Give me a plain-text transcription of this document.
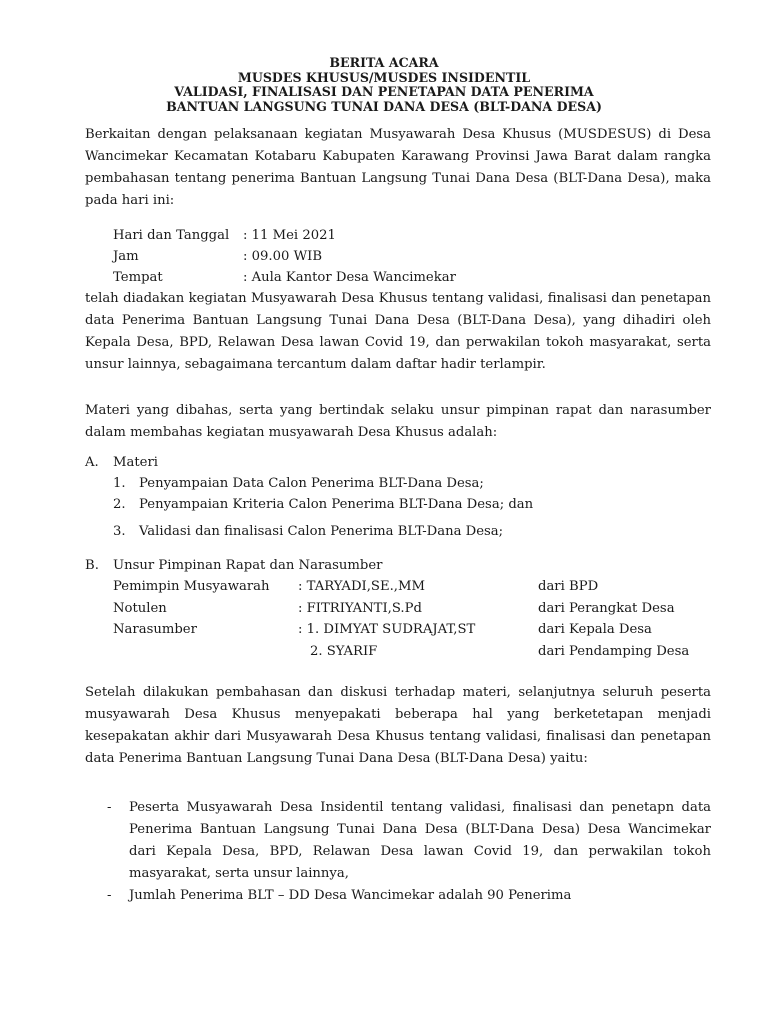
BERITA ACARA
MUSDES KHUSUS/MUSDES INSIDENTIL
VALIDASI, FINALISASI DAN PENETAPAN DATA PENERIMA
BANTUAN LANGSUNG TUNAI DANA DESA (BLT-DANA DESA)
Berkaitan dengan pelaksanaan kegiatan Musyawarah Desa Khusus (MUSDESUS) di Desa Wancimekar Kecamatan Kotabaru Kabupaten Karawang Provinsi Jawa Barat dalam rangka pembahasan tentang penerima Bantuan Langsung Tunai Dana Desa (BLT-Dana Desa), maka pada hari ini:
Hari dan Tanggal : 11 Mei 2021
Jam	: 09.00 WIB
Tempat	: Aula Kantor Desa Wancimekar
telah diadakan kegiatan Musyawarah Desa Khusus tentang validasi, finalisasi dan penetapan data Penerima Bantuan Langsung Tunai Dana Desa (BLT-Dana Desa), yang dihadiri oleh Kepala Desa, BPD, Relawan Desa lawan Covid 19, dan perwakilan tokoh masyarakat, serta unsur lainnya, sebagaimana tercantum dalam daftar hadir terlampir.
Materi yang dibahas, serta yang bertindak selaku unsur pimpinan rapat dan narasumber dalam membahas kegiatan musyawarah Desa Khusus adalah:
A. Materi
1. Penyampaian Data Calon Penerima BLT-Dana Desa;
2. Penyampaian Kriteria Calon Penerima BLT-Dana Desa; dan
3. Validasi dan finalisasi Calon Penerima BLT-Dana Desa;
B. Unsur Pimpinan Rapat dan Narasumber
Pemimpin Musyawarah : TARYADI,SE.,MM	dari BPD
Notulen	: FITRIYANTI,S.Pd	dari Perangkat Desa
Narasumber	: 1. DIMYAT SUDRAJAT,ST	dari Kepala Desa
2. SYARIF	dari Pendamping Desa
Setelah dilakukan pembahasan dan diskusi terhadap materi, selanjutnya seluruh peserta musyawarah Desa Khusus menyepakati beberapa hal yang berketetapan menjadi kesepakatan akhir dari Musyawarah Desa Khusus tentang validasi, finalisasi dan penetapan data Penerima Bantuan Langsung Tunai Dana Desa (BLT-Dana Desa) yaitu:
-	Peserta Musyawarah Desa Insidentil tentang validasi, finalisasi dan penetapn data Penerima Bantuan Langsung Tunai Dana Desa (BLT-Dana Desa) Desa Wancimekar dari Kepala Desa, BPD, Relawan Desa lawan Covid 19, dan perwakilan tokoh masyarakat, serta unsur lainnya,
-	Jumlah Penerima BLT – DD Desa Wancimekar adalah 90 Penerima
